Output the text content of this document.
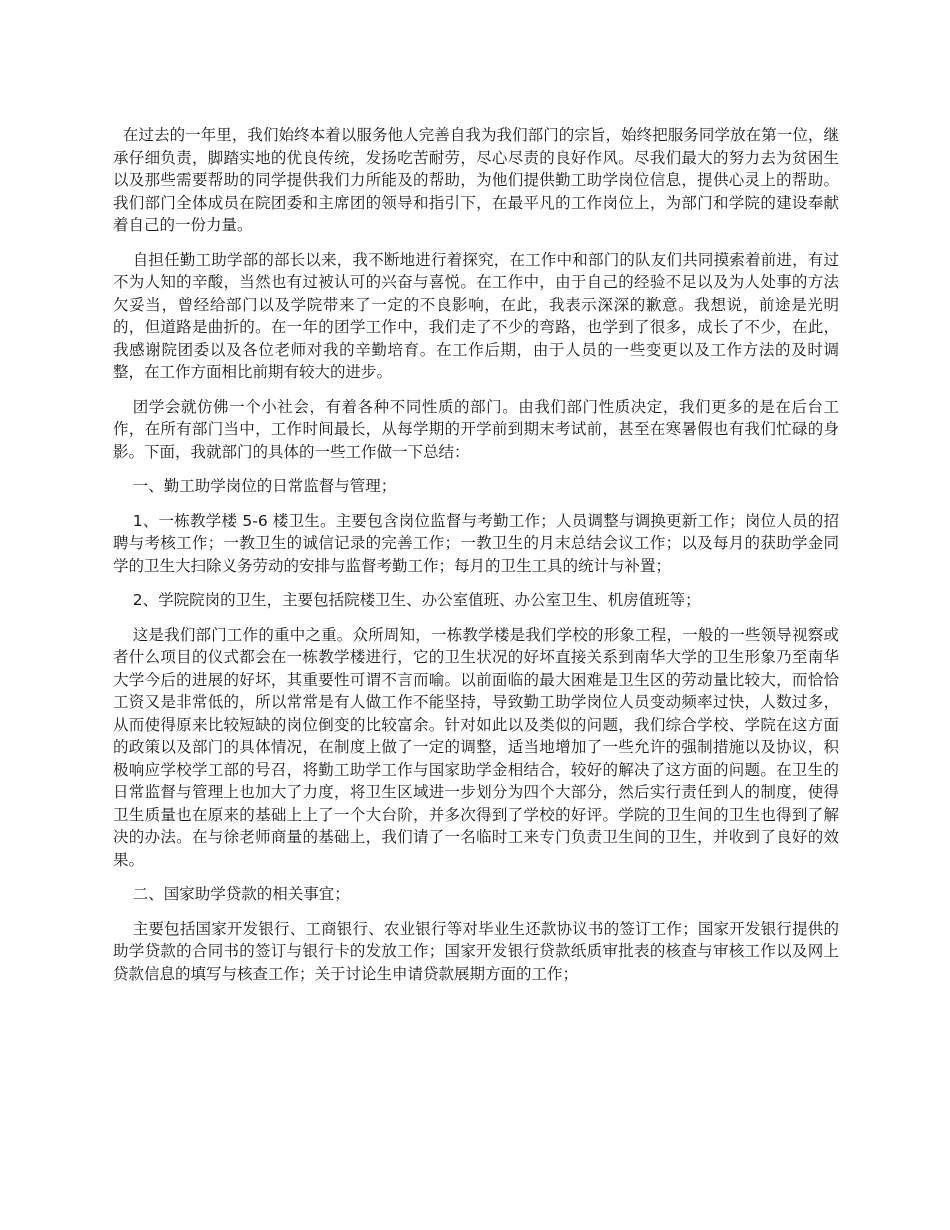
在过去的一年里，我们始终本着以服务他人完善自我为我们部门的宗旨，始终把服务同学放在第一位，继承仔细负责，脚踏实地的优良传统，发扬吃苦耐劳，尽心尽责的良好作风。尽我们最大的努力去为贫困生以及那些需要帮助的同学提供我们力所能及的帮助，为他们提供勤工助学岗位信息，提供心灵上的帮助。我们部门全体成员在院团委和主席团的领导和指引下，在最平凡的工作岗位上，为部门和学院的建设奉献着自己的一份力量。

自担任勤工助学部的部长以来，我不断地进行着探究，在工作中和部门的队友们共同摸索着前进，有过不为人知的辛酸，当然也有过被认可的兴奋与喜悦。在工作中，由于自己的经验不足以及为人处事的方法欠妥当，曾经给部门以及学院带来了一定的不良影响，在此，我表示深深的歉意。我想说，前途是光明的，但道路是曲折的。在一年的团学工作中，我们走了不少的弯路，也学到了很多，成长了不少，在此，我感谢院团委以及各位老师对我的辛勤培育。在工作后期，由于人员的一些变更以及工作方法的及时调整，在工作方面相比前期有较大的进步。

团学会就仿佛一个小社会，有着各种不同性质的部门。由我们部门性质决定，我们更多的是在后台工作，在所有部门当中，工作时间最长，从每学期的开学前到期末考试前，甚至在寒暑假也有我们忙碌的身影。下面，我就部门的具体的一些工作做一下总结：

一、勤工助学岗位的日常监督与管理；

1、一栋教学楼 5-6 楼卫生。主要包含岗位监督与考勤工作；人员调整与调换更新工作；岗位人员的招聘与考核工作；一教卫生的诚信记录的完善工作；一教卫生的月末总结会议工作；以及每月的获助学金同学的卫生大扫除义务劳动的安排与监督考勤工作；每月的卫生工具的统计与补置；

2、学院院岗的卫生，主要包括院楼卫生、办公室值班、办公室卫生、机房值班等；

这是我们部门工作的重中之重。众所周知，一栋教学楼是我们学校的形象工程，一般的一些领导视察或者什么项目的仪式都会在一栋教学楼进行，它的卫生状况的好坏直接关系到南华大学的卫生形象乃至南华大学今后的进展的好坏，其重要性可谓不言而喻。以前面临的最大困难是卫生区的劳动量比较大，而恰恰工资又是非常低的，所以常常是有人做工作不能坚持，导致勤工助学岗位人员变动频率过快，人数过多，从而使得原来比较短缺的岗位倒变的比较富余。针对如此以及类似的问题，我们综合学校、学院在这方面的政策以及部门的具体情况，在制度上做了一定的调整，适当地增加了一些允许的强制措施以及协议，积极响应学校学工部的号召，将勤工助学工作与国家助学金相结合，较好的解决了这方面的问题。在卫生的日常监督与管理上也加大了力度，将卫生区域进一步划分为四个大部分，然后实行责任到人的制度，使得卫生质量也在原来的基础上上了一个大台阶，并多次得到了学校的好评。学院的卫生间的卫生也得到了解决的办法。在与徐老师商量的基础上，我们请了一名临时工来专门负责卫生间的卫生，并收到了良好的效果。

二、国家助学贷款的相关事宜；

主要包括国家开发银行、工商银行、农业银行等对毕业生还款协议书的签订工作；国家开发银行提供的助学贷款的合同书的签订与银行卡的发放工作；国家开发银行贷款纸质审批表的核查与审核工作以及网上贷款信息的填写与核查工作；关于讨论生申请贷款展期方面的工作；
